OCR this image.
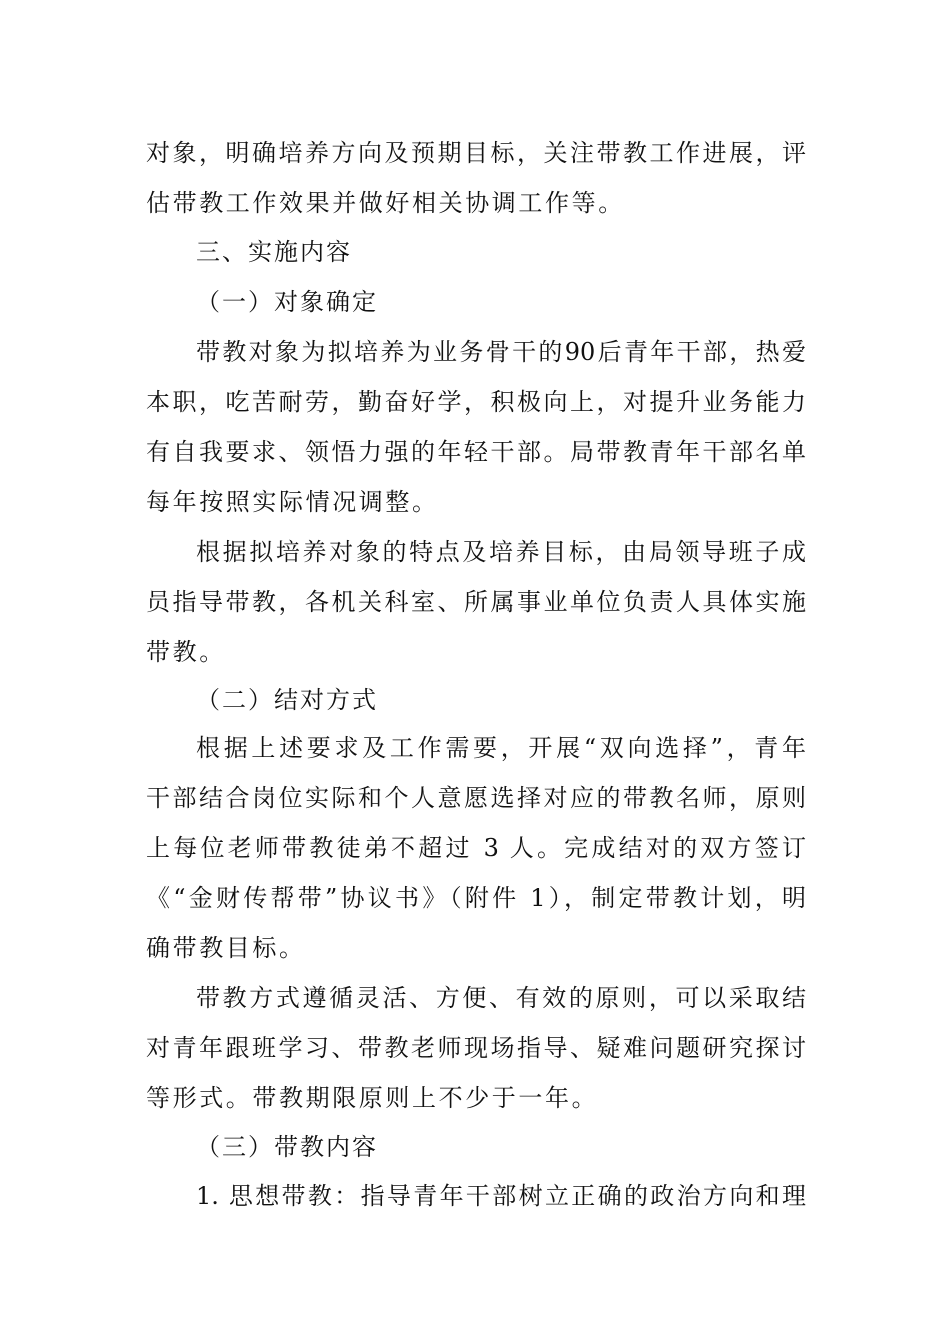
对象，明确培养方向及预期目标，关注带教工作进展，评
估带教工作效果并做好相关协调工作等。
三、实施内容
（一）对象确定
带教对象为拟培养为业务骨干的90后青年干部，热爱
本职，吃苦耐劳，勤奋好学，积极向上，对提升业务能力
有自我要求、领悟力强的年轻干部。局带教青年干部名单
每年按照实际情况调整。
根据拟培养对象的特点及培养目标，由局领导班子成
员指导带教，各机关科室、所属事业单位负责人具体实施
带教。
（二）结对方式
根据上述要求及工作需要，开展“双向选择”，青年
干部结合岗位实际和个人意愿选择对应的带教名师，原则
上每位老师带教徒弟不超过 3 人。完成结对的双方签订
《“金财传帮带”协议书》（附件 1），制定带教计划，明
确带教目标。
带教方式遵循灵活、方便、有效的原则，可以采取结
对青年跟班学习、带教老师现场指导、疑难问题研究探讨
等形式。带教期限原则上不少于一年。
（三）带教内容
1. 思想带教：指导青年干部树立正确的政治方向和理
